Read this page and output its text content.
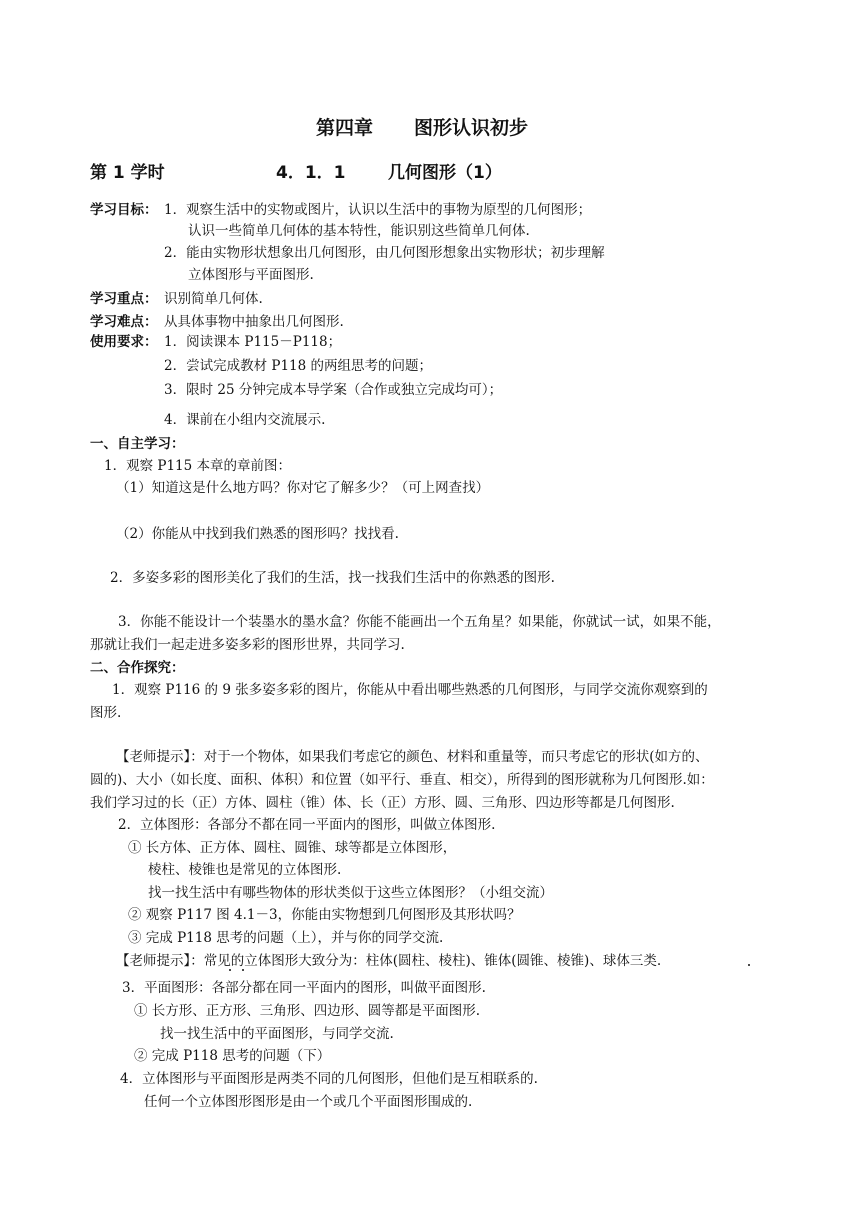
第四章 图形认识初步
第 1 学时	4．1．1	几何图形（1）
学习目标： 1．观察生活中的实物或图片，认识以生活中的事物为原型的几何图形；
认识一些简单几何体的基本特性，能识别这些简单几何体.
2．能由实物形状想象出几何图形，由几何图形想象出实物形状；初步理解
立体图形与平面图形.
学习重点： 识别简单几何体.
学习难点： 从具体事物中抽象出几何图形.
使用要求： 1．阅读课本 P115－P118；
2．尝试完成教材 P118 的两组思考的问题；
3．限时 25 分钟完成本导学案（合作或独立完成均可）；
4．课前在小组内交流展示.
一、自主学习：
1．观察 P115 本章的章前图：
（1）知道这是什么地方吗？你对它了解多少？（可上网查找）
（2）你能从中找到我们熟悉的图形吗？找找看.
2．多姿多彩的图形美化了我们的生活，找一找我们生活中的你熟悉的图形.
3．你能不能设计一个装墨水的墨水盒？你能不能画出一个五角星？如果能，你就试一试，如果不能，
那就让我们一起走进多姿多彩的图形世界，共同学习.
二、合作探究：
1．观察 P116 的 9 张多姿多彩的图片，你能从中看出哪些熟悉的几何图形，与同学交流你观察到的
图形.
【老师提示】：对于一个物体，如果我们考虑它的颜色、材料和重量等，而只考虑它的形状(如方的、
圆的)、大小（如长度、面积、体积）和位置（如平行、垂直、相交），所得到的图形就称为几何图形.如：
我们学习过的长（正）方体、圆柱（锥）体、长（正）方形、圆、三角形、四边形等都是几何图形.
2．立体图形：各部分不都在同一平面内的图形，叫做立体图形.
① 长方体、正方体、圆柱、圆锥、球等都是立体图形，
棱柱、棱锥也是常见的立体图形.
找一找生活中有哪些物体的形状类似于这些立体图形？（小组交流）
② 观察 P117 图 4.1－3，你能由实物想到几何图形及其形状吗？
③ 完成 P118 思考的问题（上），并与你的同学交流.
【老师提示】：常见的立体图形大致分为：柱体(圆柱、棱柱)、锥体(圆锥、棱锥)、球体三类.
3．平面图形：各部分都在同一平面内的图形，叫做平面图形.
① 长方形、正方形、三角形、四边形、圆等都是平面图形.
找一找生活中的平面图形，与同学交流.
② 完成 P118 思考的问题（下）
4．立体图形与平面图形是两类不同的几何图形，但他们是互相联系的.
任何一个立体图形图形是由一个或几个平面图形围成的.
